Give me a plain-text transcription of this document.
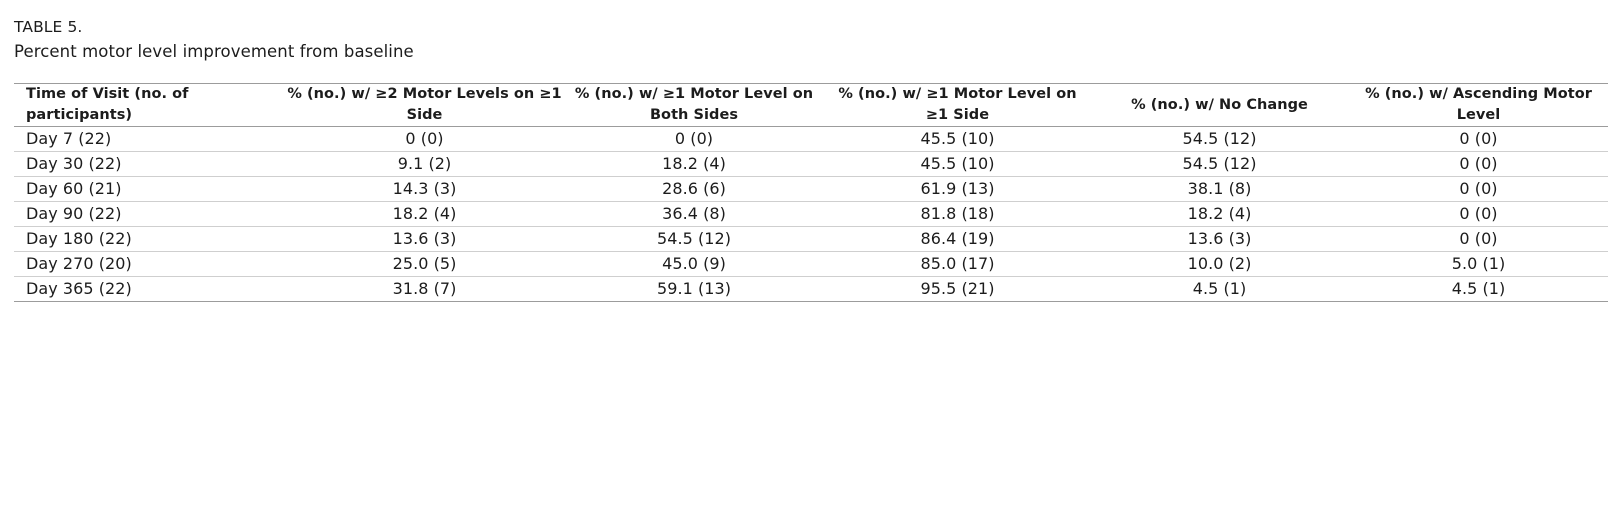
TABLE 5.
Percent motor level improvement from baseline
Time of Visit (no. of participants)	% (no.) w/ ≥2 Motor Levels on ≥1 Side	% (no.) w/ ≥1 Motor Level on Both Sides	% (no.) w/ ≥1 Motor Level on ≥1 Side	% (no.) w/ No Change	% (no.) w/ Ascending Motor Level
Day 7 (22)	0 (0)	0 (0)	45.5 (10)	54.5 (12)	0 (0)
Day 30 (22)	9.1 (2)	18.2 (4)	45.5 (10)	54.5 (12)	0 (0)
Day 60 (21)	14.3 (3)	28.6 (6)	61.9 (13)	38.1 (8)	0 (0)
Day 90 (22)	18.2 (4)	36.4 (8)	81.8 (18)	18.2 (4)	0 (0)
Day 180 (22)	13.6 (3)	54.5 (12)	86.4 (19)	13.6 (3)	0 (0)
Day 270 (20)	25.0 (5)	45.0 (9)	85.0 (17)	10.0 (2)	5.0 (1)
Day 365 (22)	31.8 (7)	59.1 (13)	95.5 (21)	4.5 (1)	4.5 (1)
